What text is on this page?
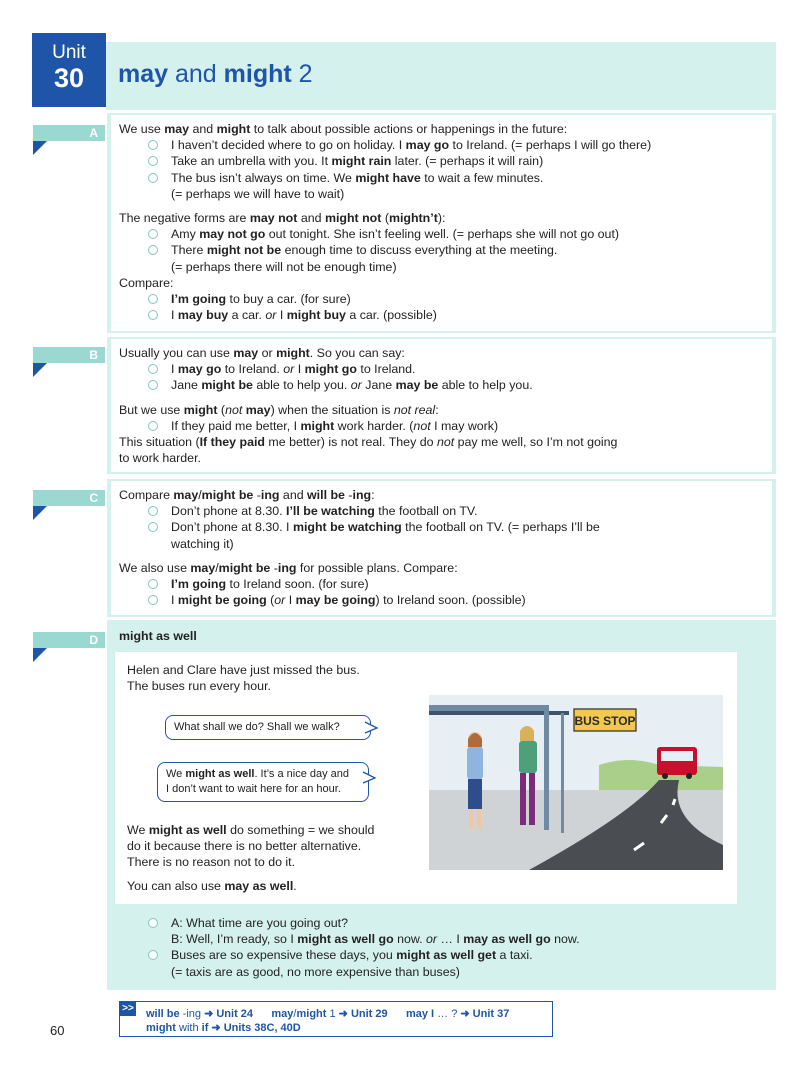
Unit
30	may and might 2
A	We use may and might to talk about possible actions or happenings in the future:
I haven’t decided where to go on holiday. I may go to Ireland. (= perhaps I will go there)
Take an umbrella with you. It might rain later. (= perhaps it will rain)
The bus isn’t always on time. We might have to wait a few minutes.
(= perhaps we will have to wait)
The negative forms are may not and might not (mightn’t):
Amy may not go out tonight. She isn’t feeling well. (= perhaps she will not go out)
There might not be enough time to discuss everything at the meeting.
(= perhaps there will not be enough time)
Compare:
I’m going to buy a car. (for sure)
I may buy a car. or I might buy a car. (possible)
B	Usually you can use may or might. So you can say:
I may go to Ireland. or I might go to Ireland.
Jane might be able to help you. or Jane may be able to help you.
But we use might (not may) when the situation is not real:
If they paid me better, I might work harder. (not I may work)
This situation (If they paid me better) is not real. They do not pay me well, so I’m not going
to work harder.
C	Compare may/might be -ing and will be -ing:
Don’t phone at 8.30. I’ll be watching the football on TV.
Don’t phone at 8.30. I might be watching the football on TV. (= perhaps I’ll be
watching it)
We also use may/might be -ing for possible plans. Compare:
I’m going to Ireland soon. (for sure)
I might be going (or I may be going) to Ireland soon. (possible)
D	might as well
Helen and Clare have just missed the bus.
The buses run every hour.
What shall we do? Shall we walk?
We might as well. It’s a nice day and
I don’t want to wait here for an hour.
We might as well do something = we should
do it because there is no better alternative.
There is no reason not to do it.
You can also use may as well.
BUS STOP
A: What time are you going out?
B: Well, I’m ready, so I might as well go now. or … I may as well go now.
Buses are so expensive these days, you might as well get a taxi.
(= taxis are as good, no more expensive than buses)
60
>> will be -ing ➜ Unit 24 may/might 1 ➜ Unit 29 may I … ? ➜ Unit 37
might with if ➜ Units 38C, 40D
